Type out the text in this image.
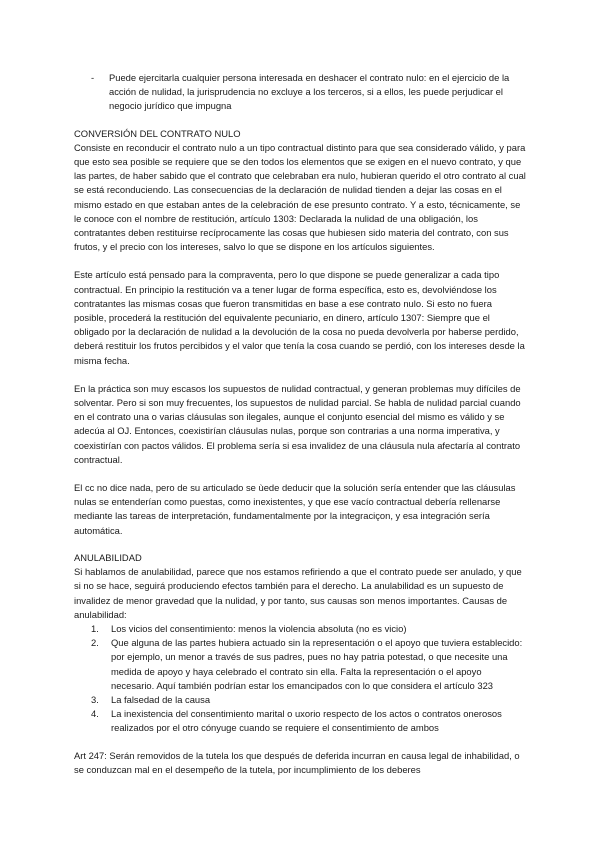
-	Puede ejercitarla cualquier persona interesada en deshacer el contrato nulo: en el ejercicio de la acción de nulidad, la jurisprudencia no excluye a los terceros, si a ellos, les puede perjudicar el negocio jurídico que impugna
CONVERSIÓN DEL CONTRATO NULO

Consiste en reconducir el contrato nulo a un tipo contractual distinto para que sea considerado válido, y para que esto sea posible se requiere que se den todos los elementos que se exigen en el nuevo contrato, y que las partes, de haber sabido que el contrato que celebraban era nulo, hubieran querido el otro contrato al cual se está reconduciendo. Las consecuencias de la declaración de nulidad tienden a dejar las cosas en el mismo estado en que estaban antes de la celebración de ese presunto contrato. Y a esto, técnicamente, se le conoce con el nombre de restitución, artículo 1303: Declarada la nulidad de una obligación, los contratantes deben restituirse recíprocamente las cosas que hubiesen sido materia del contrato, con sus frutos, y el precio con los intereses, salvo lo que se dispone en los artículos siguientes.

Este artículo está pensado para la compraventa, pero lo que dispone se puede generalizar a cada tipo contractual. En principio la restitución va a tener lugar de forma específica, esto es, devolviéndose los contratantes las mismas cosas que fueron transmitidas en base a ese contrato nulo. Si esto no fuera posible, procederá la restitución del equivalente pecuniario, en dinero, artículo 1307: Siempre que el obligado por la declaración de nulidad a la devolución de la cosa no pueda devolverla por haberse perdido, deberá restituir los frutos percibidos y el valor que tenía la cosa cuando se perdió, con los intereses desde la misma fecha.

En la práctica son muy escasos los supuestos de nulidad contractual, y generan problemas muy difíciles de solventar. Pero si son muy frecuentes, los supuestos de nulidad parcial. Se habla de nulidad parcial cuando en el contrato una o varias cláusulas son ilegales, aunque el conjunto esencial del mismo es válido y se adecúa al OJ. Entonces, coexistirían cláusulas nulas, porque son contrarias a una norma imperativa, y coexistirían con pactos válidos. El problema sería si esa invalidez de una cláusula nula afectaría al contrato contractual.

El cc no dice nada, pero de su articulado se ùede deducir que la solución sería entender que las cláusulas nulas se entenderían como puestas, como inexistentes, y que ese vacío contractual debería rellenarse mediante las tareas de interpretación, fundamentalmente por la integraciçon, y esa integración sería automática.

ANULABILIDAD

Si hablamos de anulabilidad, parece que nos estamos refiriendo a que el contrato puede ser anulado, y que si no se hace, seguirá produciendo efectos también para el derecho. La anulabilidad es un supuesto de invalidez de menor gravedad que la nulidad, y por tanto, sus causas son menos importantes. Causas de anulabilidad:

1.	Los vicios del consentimiento: menos la violencia absoluta (no es vicio)
2.	Que alguna de las partes hubiera actuado sin la representación o el apoyo que tuviera establecido: por ejemplo, un menor a través de sus padres, pues no hay patria potestad, o que necesite una medida de apoyo y haya celebrado el contrato sin ella. Falta la representación o el apoyo necesario. Aquí también podrían estar los emancipados con lo que considera el artículo 323
3.	La falsedad de la causa
4.	La inexistencia del consentimiento marital o uxorio respecto de los actos o contratos onerosos realizados por el otro cónyuge cuando se requiere el consentimiento de ambos

Art 247: Serán removidos de la tutela los que después de deferida incurran en causa legal de inhabilidad, o se conduzcan mal en el desempeño de la tutela, por incumplimiento de los deberes
